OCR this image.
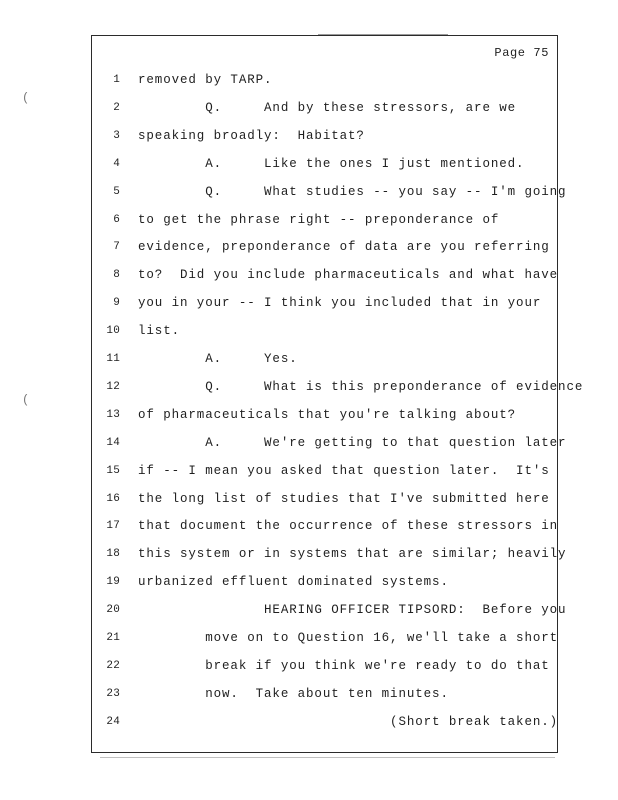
(
(
Page 75
1 removed by TARP.
2 Q.     And by these stressors, are we
3 speaking broadly:  Habitat?
4 A.     Like the ones I just mentioned.
5 Q.     What studies -- you say -- I'm going
6 to get the phrase right -- preponderance of
7 evidence, preponderance of data are you referring
8 to?  Did you include pharmaceuticals and what have
9 you in your -- I think you included that in your
10 list.
11 A.     Yes.
12 Q.     What is this preponderance of evidence
13 of pharmaceuticals that you're talking about?
14 A.     We're getting to that question later
15 if -- I mean you asked that question later.  It's
16 the long list of studies that I've submitted here
17 that document the occurrence of these stressors in
18 this system or in systems that are similar; heavily
19 urbanized effluent dominated systems.
20 HEARING OFFICER TIPSORD:  Before you
21 move on to Question 16, we'll take a short
22 break if you think we're ready to do that
23 now.  Take about ten minutes.
24 (Short break taken.)
